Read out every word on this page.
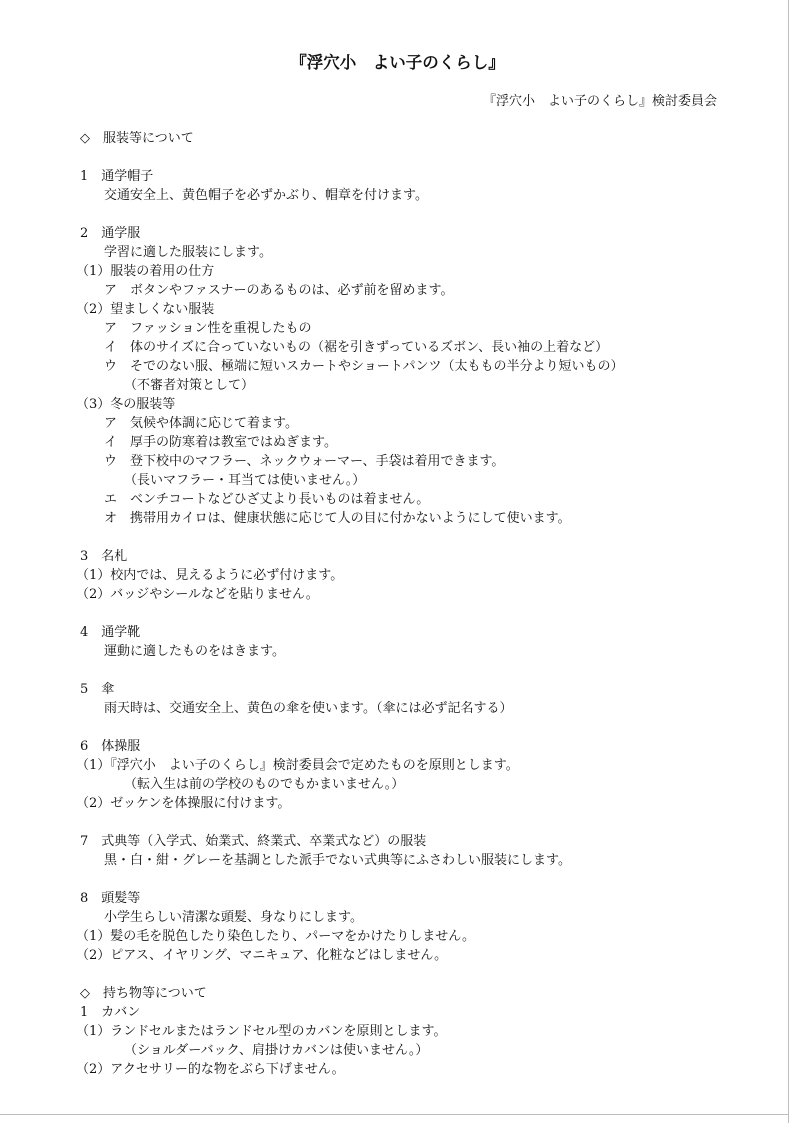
『浮穴小　よい子のくらし』
『浮穴小　よい子のくらし』検討委員会
◇　服装等について
1　通学帽子
交通安全上、黄色帽子を必ずかぶり、帽章を付けます。
2　通学服
学習に適した服装にします。
（1）服装の着用の仕方
ア　ボタンやファスナーのあるものは、必ず前を留めます。
（2）望ましくない服装
ア　ファッション性を重視したもの
イ　体のサイズに合っていないもの（裾を引きずっているズボン、長い袖の上着など）
ウ　そでのない服、極端に短いスカートやショートパンツ（太ももの半分より短いもの）
（不審者対策として）
（3）冬の服装等
ア　気候や体調に応じて着ます。
イ　厚手の防寒着は教室ではぬぎます。
ウ　登下校中のマフラー、ネックウォーマー、手袋は着用できます。
（長いマフラー・耳当ては使いません。）
エ　ベンチコートなどひざ丈より長いものは着ません。
オ　携帯用カイロは、健康状態に応じて人の目に付かないようにして使います。
3　名札
（1）校内では、見えるように必ず付けます。
（2）バッジやシールなどを貼りません。
4　通学靴
運動に適したものをはきます。
5　傘
雨天時は、交通安全上、黄色の傘を使います。（傘には必ず記名する）
6　体操服
（1）『浮穴小　よい子のくらし』検討委員会で定めたものを原則とします。
（転入生は前の学校のものでもかまいません。）
（2）ゼッケンを体操服に付けます。
7　式典等（入学式、始業式、終業式、卒業式など）の服装
黒・白・紺・グレーを基調とした派手でない式典等にふさわしい服装にします。
8　頭髪等
小学生らしい清潔な頭髪、身なりにします。
（1）髪の毛を脱色したり染色したり、パーマをかけたりしません。
（2）ピアス、イヤリング、マニキュア、化粧などはしません。
◇　持ち物等について
1　カバン
（1）ランドセルまたはランドセル型のカバンを原則とします。
（ショルダーバック、肩掛けカバンは使いません。）
（2）アクセサリー的な物をぶら下げません。
